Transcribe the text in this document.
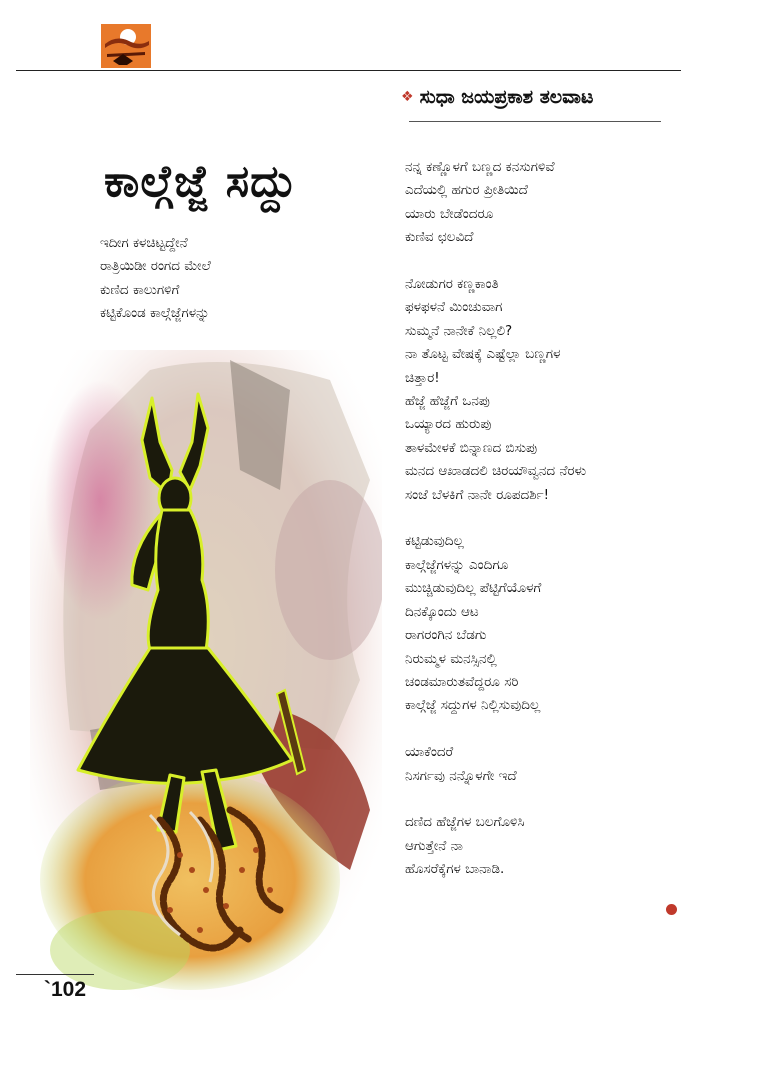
❖ ಸುಧಾ ಜಯಪ್ರಕಾಶ ತಲವಾಟ
ಕಾಲ್ಗೆಜ್ಜೆ ಸದ್ದು
ಇದೀಗ ಕಳಚಿಟ್ಟದ್ದೇನೆ
ರಾತ್ರಿಯಿಡೀ ರಂಗದ ಮೇಲೆ
ಕುಣಿದ ಕಾಲುಗಳಿಗೆ
ಕಟ್ಟಿಕೊಂಡ ಕಾಲ್ಗೆಜ್ಜೆಗಳನ್ನು
ನನ್ನ ಕಣ್ಣೊಳಗೆ ಬಣ್ಣದ ಕನಸುಗಳಿವೆ
ಎದೆಯಲ್ಲಿ ಹಗುರ ಪ್ರೀತಿಯಿದೆ
ಯಾರು ಬೇಡೆಂದರೂ
ಕುಣಿವ ಛಲವಿದೆ
ನೋಡುಗರ ಕಣ್ಣಕಾಂತಿ
ಫಳಫಳನೆ ಮಿಂಚುವಾಗ
ಸುಮ್ಮನೆ ನಾನೇಕೆ ನಿಲ್ಲಲಿ?
ನಾ ತೊಟ್ಟ ವೇಷಕ್ಕೆ ಎಷ್ಟೆಲ್ಲಾ ಬಣ್ಣಗಳ
ಚಿತ್ತಾರ!
ಹೆಜ್ಜೆ ಹೆಜ್ಜೆಗೆ ಒನಪು
ಒಯ್ಯಾರದ ಹುರುಪು
ತಾಳಮೇಳಕೆ ಬಿನ್ನಾಣದ ಬಿಸುಪು
ಮನದ ಆಖಾಡದಲಿ ಚಿರಯೌವ್ವನದ ನೆರಳು
ಸಂಜೆ ಬೆಳಕಿಗೆ ನಾನೇ ರೂಪದರ್ಶಿ!
ಕಟ್ಟಿಡುವುದಿಲ್ಲ
ಕಾಲ್ಗೆಜ್ಜೆಗಳನ್ನು ಎಂದಿಗೂ
ಮುಚ್ಚಿಡುವುದಿಲ್ಲ ಪೆಟ್ಟಿಗೆಯೊಳಗೆ
ದಿನಕ್ಕೊಂದು ಆಟ
ರಾಗರಂಗಿನ ಬೆಡಗು
ನಿರುಮ್ಮಳ ಮನಸ್ಸಿನಲ್ಲಿ
ಚಂಡಮಾರುತವೆದ್ದರೂ ಸರಿ
ಕಾಲ್ಗೆಜ್ಜೆ ಸದ್ದುಗಳ ನಿಲ್ಲಿಸುವುದಿಲ್ಲ
ಯಾಕೆಂದರೆ
ನಿಸರ್ಗವು ನನ್ನೊಳಗೇ ಇದೆ
ದಣಿದ ಹೆಜ್ಜೆಗಳ ಬಲಗೊಳಿಸಿ
ಆಗುತ್ತೇನೆ ನಾ
ಹೊಸರೆಕ್ಕೆಗಳ ಬಾನಾಡಿ.
`102
